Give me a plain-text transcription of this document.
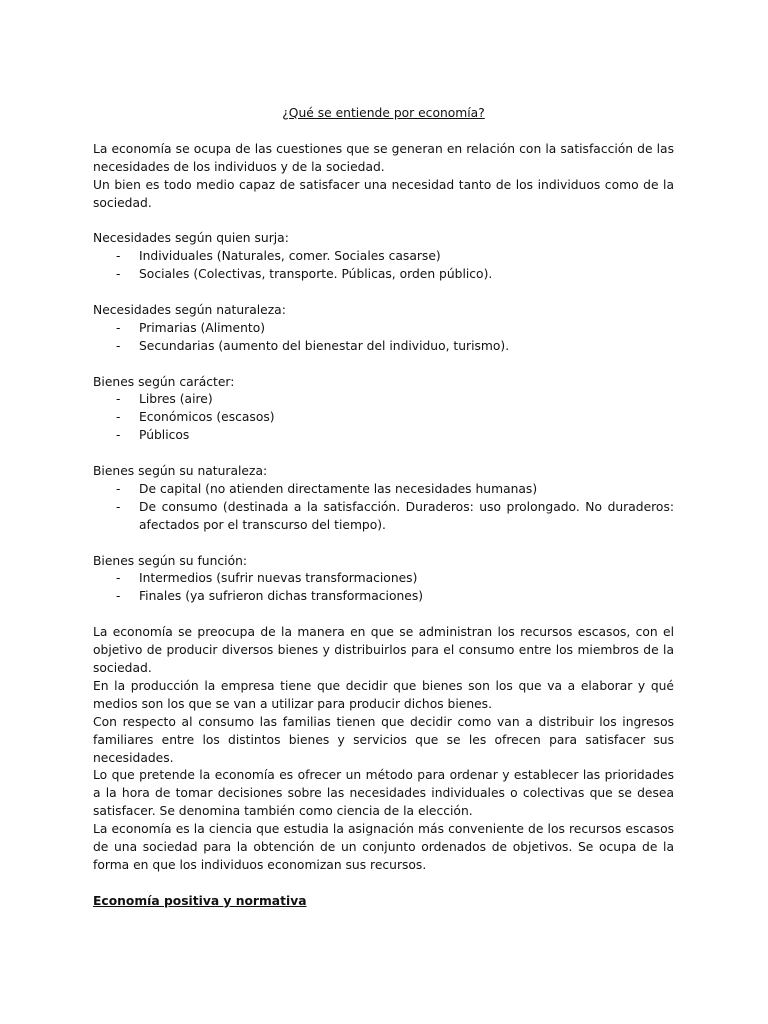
¿Qué se entiende por economía?

La economía se ocupa de las cuestiones que se generan en relación con la satisfacción de las necesidades de los individuos y de la sociedad.

Un bien es todo medio capaz de satisfacer una necesidad tanto de los individuos como de la sociedad.

Necesidades según quien surja:

- Individuales (Naturales, comer. Sociales casarse)
- Sociales (Colectivas, transporte. Públicas, orden público).

Necesidades según naturaleza:

- Primarias (Alimento)
- Secundarias (aumento del bienestar del individuo, turismo).

Bienes según carácter:

- Libres (aire)
- Económicos (escasos)
- Públicos

Bienes según su naturaleza:

- De capital (no atienden directamente las necesidades humanas)
- De consumo (destinada a la satisfacción. Duraderos: uso prolongado. No duraderos: afectados por el transcurso del tiempo).

Bienes según su función:

- Intermedios (sufrir nuevas transformaciones)
- Finales (ya sufrieron dichas transformaciones)

La economía se preocupa de la manera en que se administran los recursos escasos, con el objetivo de producir diversos bienes y distribuirlos para el consumo entre los miembros de la sociedad.

En la producción la empresa tiene que decidir que bienes son los que va a elaborar y qué medios son los que se van a utilizar para producir dichos bienes.

Con respecto al consumo las familias tienen que decidir como van a distribuir los ingresos familiares entre los distintos bienes y servicios que se les ofrecen para satisfacer sus necesidades.

Lo que pretende la economía es ofrecer un método para ordenar y establecer las prioridades a la hora de tomar decisiones sobre las necesidades individuales o colectivas que se desea satisfacer. Se denomina también como ciencia de la elección.

La economía es la ciencia que estudia la asignación más conveniente de los recursos escasos de una sociedad para la obtención de un conjunto ordenados de objetivos. Se ocupa de la forma en que los individuos economizan sus recursos.

Economía positiva y normativa
